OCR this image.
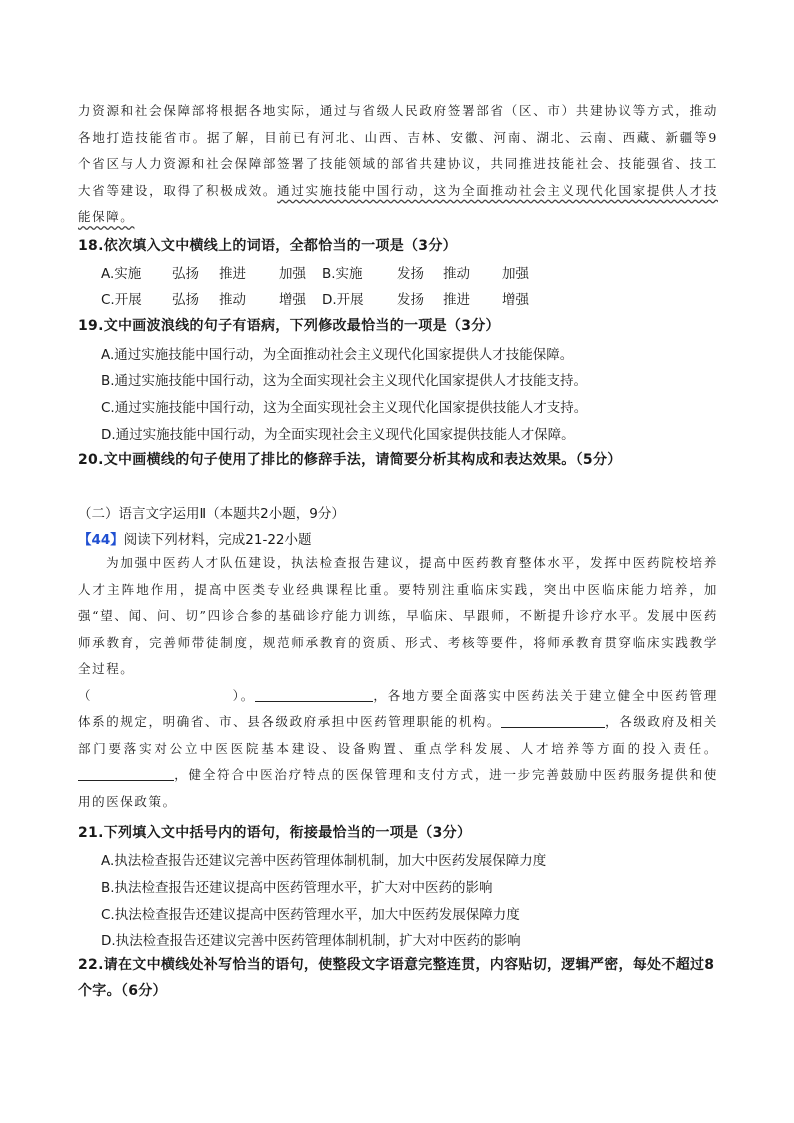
力资源和社会保障部将根据各地实际，通过与省级人民政府签署部省（区、市）共建协议等方式，推动各地打造技能省市。据了解，目前已有河北、山西、吉林、安徽、河南、湖北、云南、西藏、新疆等9个省区与人力资源和社会保障部签署了技能领域的部省共建协议，共同推进技能社会、技能强省、技工大省等建设，取得了积极成效。通过实施技能中国行动，这为全面推动社会主义现代化国家提供人才技能保障。

18.依次填入文中横线上的词语，全都恰当的一项是（3分）
A.实施 弘扬 推进 加强 B.实施	发扬 推动 加强
C.开展 弘扬 推动 增强 D.开展 发扬 推进 增强
19.文中画波浪线的句子有语病，下列修改最恰当的一项是（3分）
A.通过实施技能中国行动，为全面推动社会主义现代化国家提供人才技能保障。
B.通过实施技能中国行动，这为全面实现社会主义现代化国家提供人才技能支持。
C.通过实施技能中国行动，这为全面实现社会主义现代化国家提供技能人才支持。
D.通过实施技能中国行动，为全面实现社会主义现代化国家提供技能人才保障。
20.文中画横线的句子使用了排比的修辞手法，请简要分析其构成和表达效果。（5分）
（二）语言文字运用Ⅱ（本题共2小题，9分）
【44】阅读下列材料，完成21-22小题

为加强中医药人才队伍建设，执法检查报告建议，提高中医药教育整体水平，发挥中医药院校培养人才主阵地作用，提高中医类专业经典课程比重。要特别注重临床实践，突出中医临床能力培养，加强“望、闻、问、切”四诊合参的基础诊疗能力训练，早临床、早跟师，不断提升诊疗水平。发展中医药师承教育，完善师带徒制度，规范师承教育的资质、形式、考核等要件，将师承教育贯穿临床实践教学全过程。

（	）。	，各地方要全面落实中医药法关于建立健全中医药管理体系的规定，明确省、市、县各级政府承担中医药管理职能的机构。	，各级政府及相关部门要落实对公立中医医院基本建设、设备购置、重点学科发展、人才培养等方面的投入责任。，健全符合中医治疗特点的医保管理和支付方式，进一步完善鼓励中医药服务提供和使用的医保政策。

21.下列填入文中括号内的语句，衔接最恰当的一项是（3分）
A.执法检查报告还建议完善中医药管理体制机制，加大中医药发展保障力度
B.执法检查报告还建议提高中医药管理水平，扩大对中医药的影响
C.执法检查报告还建议提高中医药管理水平，加大中医药发展保障力度
D.执法检查报告还建议完善中医药管理体制机制，扩大对中医药的影响
22.请在文中横线处补写恰当的语句，使整段文字语意完整连贯，内容贴切，逻辑严密，每处不超过8个字。（6分）
